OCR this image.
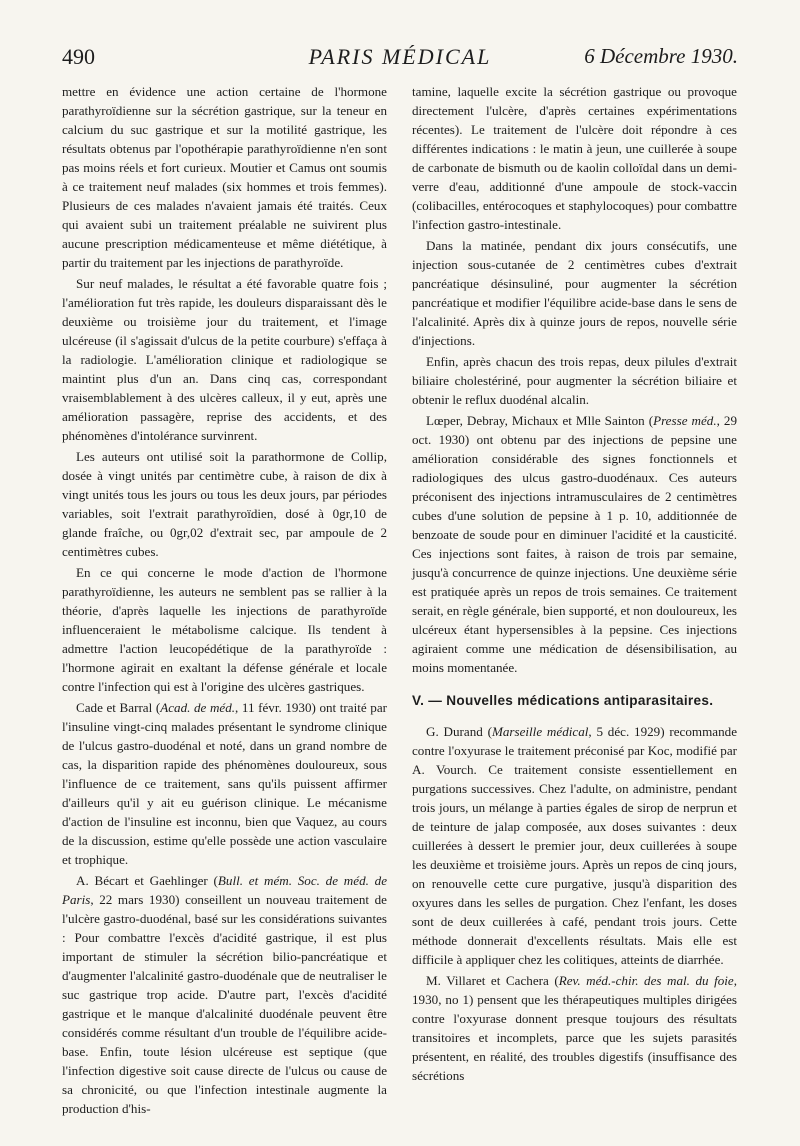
490	PARIS MÉDICAL	6 Décembre 1930.

mettre en évidence une action certaine de l'hormone parathyroïdienne sur la sécrétion gastrique, sur la teneur en calcium du suc gastrique et sur la motilité gastrique, les résultats obtenus par l'opothérapie parathyroïdienne n'en sont pas moins réels et fort curieux. Moutier et Camus ont soumis à ce traitement neuf malades (six hommes et trois femmes). Plusieurs de ces malades n'avaient jamais été traités. Ceux qui avaient subi un traitement préalable ne suivirent plus aucune prescription médicamenteuse et même diététique, à partir du traitement par les injections de parathyroïde.

Sur neuf malades, le résultat a été favorable quatre fois ; l'amélioration fut très rapide, les douleurs disparaissant dès le deuxième ou troisième jour du traitement, et l'image ulcéreuse (il s'agissait d'ulcus de la petite courbure) s'effaça à la radiologie. L'amélioration clinique et radiologique se maintint plus d'un an. Dans cinq cas, correspondant vraisemblablement à des ulcères calleux, il y eut, après une amélioration passagère, reprise des accidents, et des phénomènes d'intolérance survinrent.

Les auteurs ont utilisé soit la parathormone de Collip, dosée à vingt unités par centimètre cube, à raison de dix à vingt unités tous les jours ou tous les deux jours, par périodes variables, soit l'extrait parathyroïdien, dosé à 0gr,10 de glande fraîche, ou 0gr,02 d'extrait sec, par ampoule de 2 centimètres cubes.

En ce qui concerne le mode d'action de l'hormone parathyroïdienne, les auteurs ne semblent pas se rallier à la théorie, d'après laquelle les injections de parathyroïde influenceraient le métabolisme calcique. Ils tendent à admettre l'action leucopédétique de la parathyroïde : l'hormone agirait en exaltant la défense générale et locale contre l'infection qui est à l'origine des ulcères gastriques.

Cade et Barral (Acad. de méd., 11 févr. 1930) ont traité par l'insuline vingt-cinq malades présentant le syndrome clinique de l'ulcus gastro-duodénal et noté, dans un grand nombre de cas, la disparition rapide des phénomènes douloureux, sous l'influence de ce traitement, sans qu'ils puissent affirmer d'ailleurs qu'il y ait eu guérison clinique. Le mécanisme d'action de l'insuline est inconnu, bien que Vaquez, au cours de la discussion, estime qu'elle possède une action vasculaire et trophique.

A. Bécart et Gaehlinger (Bull. et mém. Soc. de méd. de Paris, 22 mars 1930) conseillent un nouveau traitement de l'ulcère gastro-duodénal, basé sur les considérations suivantes : Pour combattre l'excès d'acidité gastrique, il est plus important de stimuler la sécrétion bilio-pancréatique et d'augmenter l'alcalinité gastro-duodénale que de neutraliser le suc gastrique trop acide. D'autre part, l'excès d'acidité gastrique et le manque d'alcalinité duodénale peuvent être considérés comme résultant d'un trouble de l'équilibre acide-base. Enfin, toute lésion ulcéreuse est septique (que l'infection digestive soit cause directe de l'ulcus ou cause de sa chronicité, ou que l'infection intestinale augmente la production d'his-

tamine, laquelle excite la sécrétion gastrique ou provoque directement l'ulcère, d'après certaines expérimentations récentes). Le traitement de l'ulcère doit répondre à ces différentes indications : le matin à jeun, une cuillerée à soupe de carbonate de bismuth ou de kaolin colloïdal dans un demi-verre d'eau, additionné d'une ampoule de stock-vaccin (colibacilles, entérocoques et staphylocoques) pour combattre l'infection gastro-intestinale.

Dans la matinée, pendant dix jours consécutifs, une injection sous-cutanée de 2 centimètres cubes d'extrait pancréatique désinsuliné, pour augmenter la sécrétion pancréatique et modifier l'équilibre acide-base dans le sens de l'alcalinité. Après dix à quinze jours de repos, nouvelle série d'injections.

Enfin, après chacun des trois repas, deux pilules d'extrait biliaire cholestériné, pour augmenter la sécrétion biliaire et obtenir le reflux duodénal alcalin.

Lœper, Debray, Michaux et Mlle Sainton (Presse méd., 29 oct. 1930) ont obtenu par des injections de pepsine une amélioration considérable des signes fonctionnels et radiologiques des ulcus gastro-duodénaux. Ces auteurs préconisent des injections intramusculaires de 2 centimètres cubes d'une solution de pepsine à 1 p. 10, additionnée de benzoate de soude pour en diminuer l'acidité et la causticité. Ces injections sont faites, à raison de trois par semaine, jusqu'à concurrence de quinze injections. Une deuxième série est pratiquée après un repos de trois semaines. Ce traitement serait, en règle générale, bien supporté, et non douloureux, les ulcéreux étant hypersensibles à la pepsine. Ces injections agiraient comme une médication de désensibilisation, au moins momentanée.

V. — Nouvelles médications antiparasitaires.

G. Durand (Marseille médical, 5 déc. 1929) recommande contre l'oxyurase le traitement préconisé par Koc, modifié par A. Vourch. Ce traitement consiste essentiellement en purgations successives. Chez l'adulte, on administre, pendant trois jours, un mélange à parties égales de sirop de nerprun et de teinture de jalap composée, aux doses suivantes : deux cuillerées à dessert le premier jour, deux cuillerées à soupe les deuxième et troisième jours. Après un repos de cinq jours, on renouvelle cette cure purgative, jusqu'à disparition des oxyures dans les selles de purgation. Chez l'enfant, les doses sont de deux cuillerées à café, pendant trois jours. Cette méthode donnerait d'excellents résultats. Mais elle est difficile à appliquer chez les colitiques, atteints de diarrhée.

M. Villaret et Cachera (Rev. méd.-chir. des mal. du foie, 1930, no 1) pensent que les thérapeutiques multiples dirigées contre l'oxyurase donnent presque toujours des résultats transitoires et incomplets, parce que les sujets parasités présentent, en réalité, des troubles digestifs (insuffisance des sécrétions
